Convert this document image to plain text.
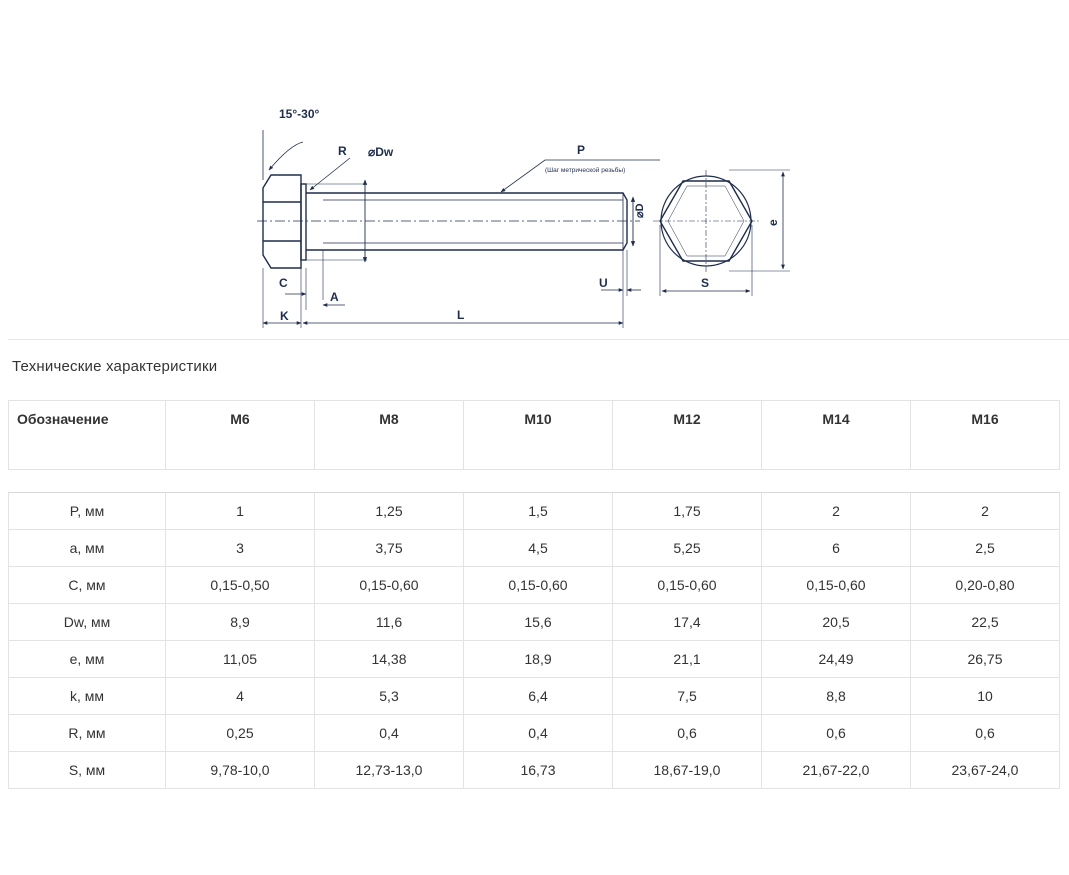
15°-30°
R ⌀Dw	P
(Шаг метрической резьбы)
⌀D
e
C
A
K	L
U	S
Технические характеристики
Обозначение	M6	M8	M10	M12	M14	M16

P, мм	1	1,25	1,5	1,75	2	2
a, мм	3	3,75	4,5	5,25	6	2,5
C, мм	0,15-0,50	0,15-0,60	0,15-0,60	0,15-0,60	0,15-0,60	0,20-0,80
Dw, мм	8,9	11,6	15,6	17,4	20,5	22,5
e, мм	11,05	14,38	18,9	21,1	24,49	26,75
k, мм	4	5,3	6,4	7,5	8,8	10
R, мм	0,25	0,4	0,4	0,6	0,6	0,6
S, мм	9,78-10,0	12,73-13,0	16,73	18,67-19,0	21,67-22,0	23,67-24,0
